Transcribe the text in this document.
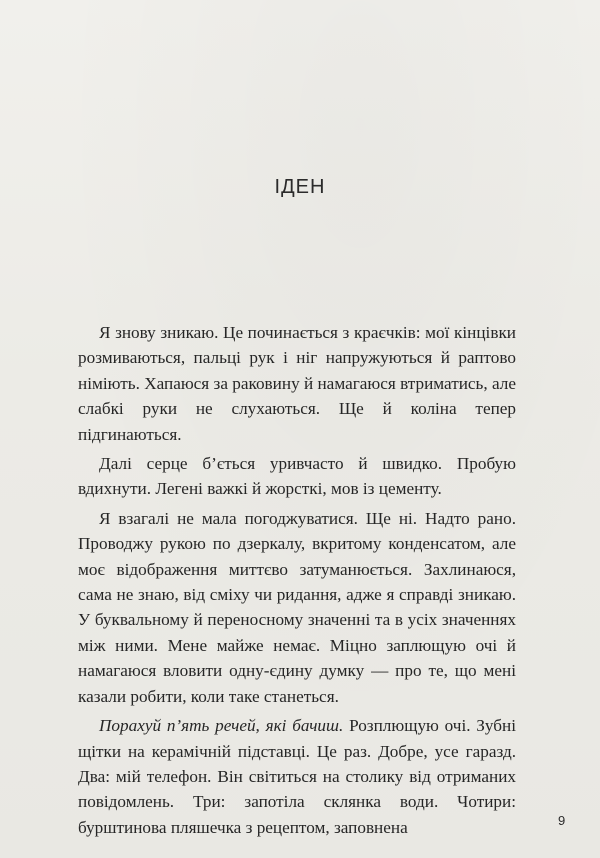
ІДЕН

Я знову зникаю. Це починається з краєчків: мої кінцівки розмиваються, пальці рук і ніг напружуються й раптово німіють. Хапаюся за раковину й намагаюся втриматись, але слабкі руки не слухаються. Ще й коліна тепер підгинаються.

Далі серце б’ється уривчасто й швидко. Пробую вдихнути. Легені важкі й жорсткі, мов із цементу.

Я взагалі не мала погоджуватися. Ще ні. Надто рано. Проводжу рукою по дзеркалу, вкритому конденсатом, але моє відображення миттєво затуманюється. Захлинаюся, сама не знаю, від сміху чи ридання, адже я справді зникаю. У буквальному й переносному значенні та в усіх значеннях між ними. Мене майже немає. Міцно заплющую очі й намагаюся вловити одну-єдину думку — про те, що мені казали робити, коли таке станеться.

Порахуй п’ять речей, які бачиш. Розплющую очі. Зубні щітки на керамічній підставці. Це раз. Добре, усе гаразд. Два: мій телефон. Він світиться на столику від отриманих повідомлень. Три: запотіла склянка води. Чотири: бурштинова пляшечка з рецептом, заповнена	9
